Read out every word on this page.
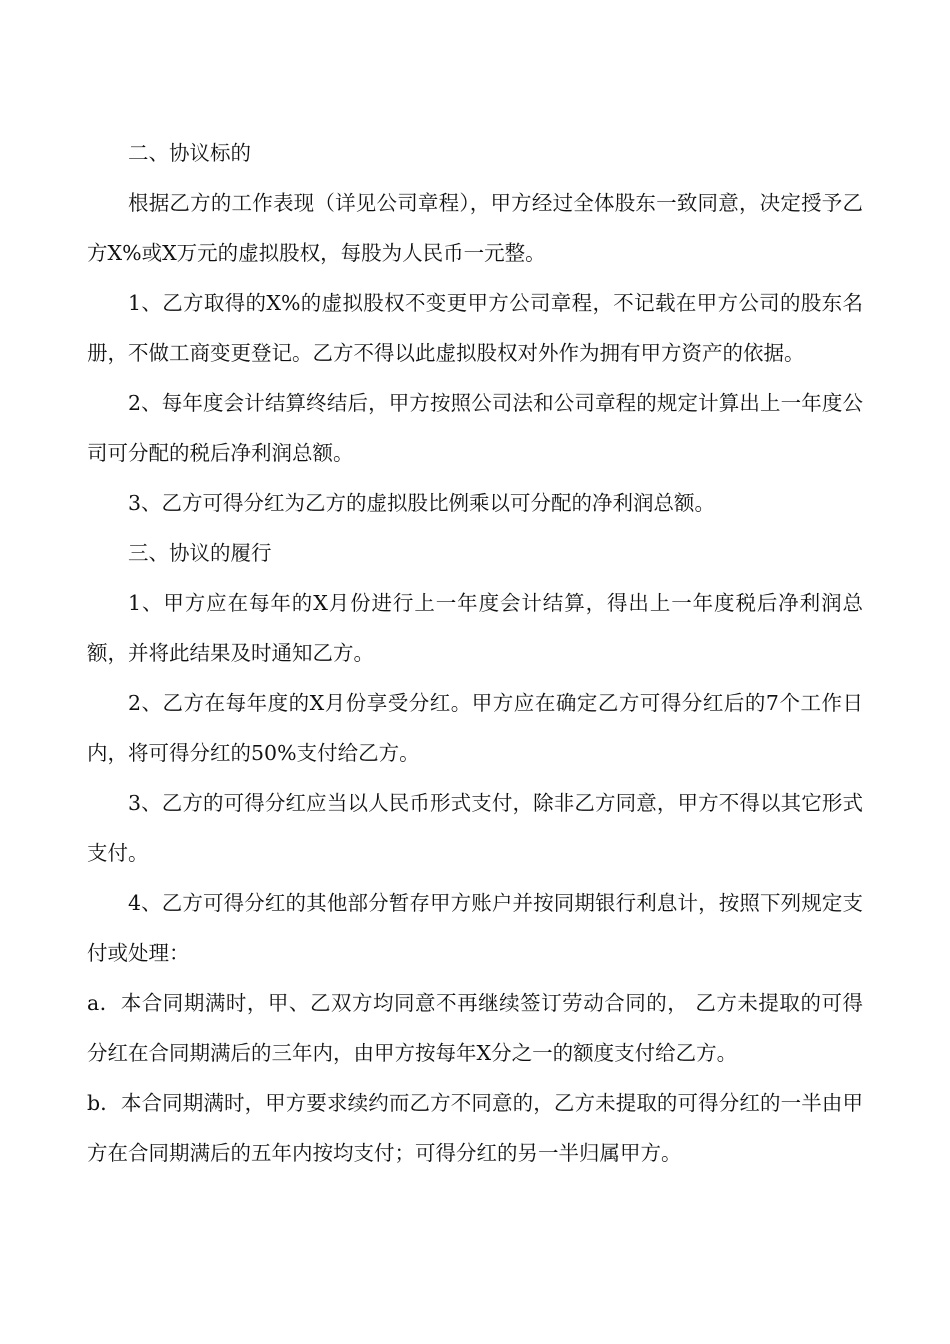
二、协议标的

根据乙方的工作表现（详见公司章程），甲方经过全体股东一致同意，决定授予乙方X%或X万元的虚拟股权，每股为人民币一元整。

1、乙方取得的X%的虚拟股权不变更甲方公司章程，不记载在甲方公司的股东名册，不做工商变更登记。乙方不得以此虚拟股权对外作为拥有甲方资产的依据。

2、每年度会计结算终结后，甲方按照公司法和公司章程的规定计算出上一年度公司可分配的税后净利润总额。

3、乙方可得分红为乙方的虚拟股比例乘以可分配的净利润总额。

三、协议的履行

1、甲方应在每年的X月份进行上一年度会计结算，得出上一年度税后净利润总额，并将此结果及时通知乙方。

2、乙方在每年度的X月份享受分红。甲方应在确定乙方可得分红后的7个工作日内，将可得分红的50%支付给乙方。

3、乙方的可得分红应当以人民币形式支付，除非乙方同意，甲方不得以其它形式支付。

4、乙方可得分红的其他部分暂存甲方账户并按同期银行利息计，按照下列规定支付或处理：

a．本合同期满时，甲、乙双方均同意不再继续签订劳动合同的， 乙方未提取的可得分红在合同期满后的三年内，由甲方按每年X分之一的额度支付给乙方。

b．本合同期满时，甲方要求续约而乙方不同意的，乙方未提取的可得分红的一半由甲方在合同期满后的五年内按均支付；可得分红的另一半归属甲方。
